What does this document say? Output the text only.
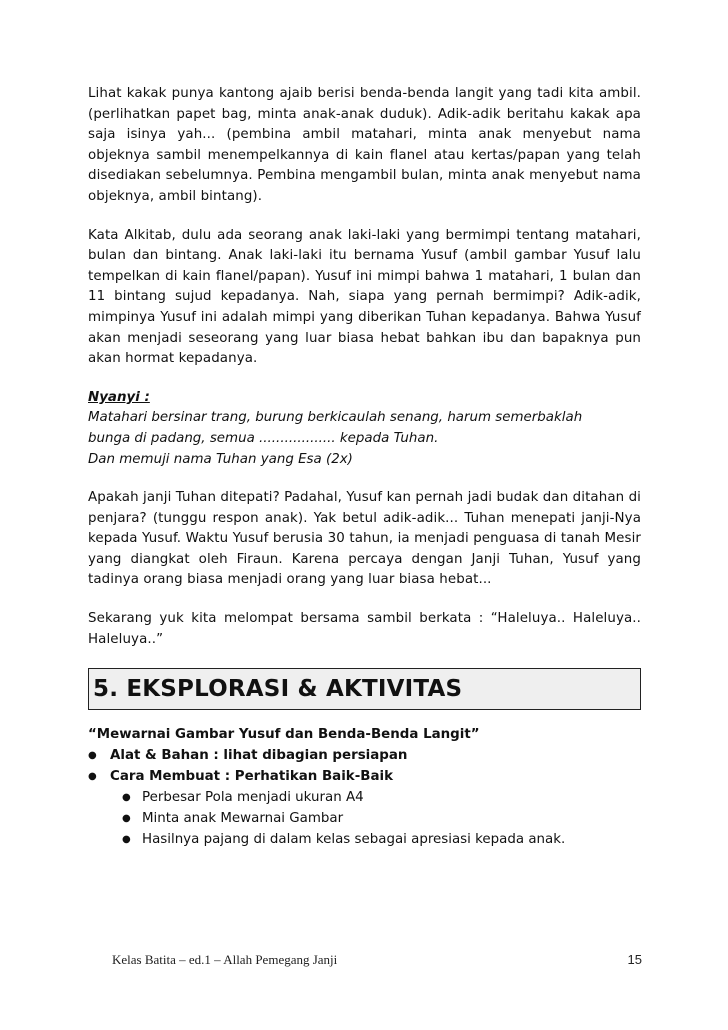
Lihat kakak punya kantong ajaib berisi benda-benda langit yang tadi kita ambil. (perlihatkan papet bag, minta anak-anak duduk). Adik-adik beritahu kakak apa saja isinya yah... (pembina ambil matahari, minta anak menyebut nama objeknya sambil menempelkannya di kain flanel atau kertas/papan yang telah disediakan sebelumnya. Pembina mengambil bulan, minta anak menyebut nama objeknya, ambil bintang).

Kata Alkitab, dulu ada seorang anak laki-laki yang bermimpi tentang matahari, bulan dan bintang. Anak laki-laki itu bernama Yusuf (ambil gambar Yusuf lalu tempelkan di kain flanel/papan). Yusuf ini mimpi bahwa 1 matahari, 1 bulan dan 11 bintang sujud kepadanya. Nah, siapa yang pernah bermimpi? Adik-adik, mimpinya Yusuf ini adalah mimpi yang diberikan Tuhan kepadanya. Bahwa Yusuf akan menjadi seseorang yang luar biasa hebat bahkan ibu dan bapaknya pun akan hormat kepadanya.

Nyanyi :
Matahari bersinar trang, burung berkicaulah senang, harum semerbaklah
bunga di padang, semua .................. kepada Tuhan.
Dan memuji nama Tuhan yang Esa (2x)

Apakah janji Tuhan ditepati? Padahal, Yusuf kan pernah jadi budak dan ditahan di penjara? (tunggu respon anak). Yak betul adik-adik... Tuhan menepati janji-Nya kepada Yusuf. Waktu Yusuf berusia 30 tahun, ia menjadi penguasa di tanah Mesir yang diangkat oleh Firaun. Karena percaya dengan Janji Tuhan, Yusuf yang tadinya orang biasa menjadi orang yang luar biasa hebat...

Sekarang yuk kita melompat bersama sambil berkata : “Haleluya.. Haleluya.. Haleluya..”

5. EKSPLORASI & AKTIVITAS

“Mewarnai Gambar Yusuf dan Benda-Benda Langit”

● Alat & Bahan : lihat dibagian persiapan
● Cara Membuat : Perhatikan Baik-Baik
● Perbesar Pola menjadi ukuran A4
● Minta anak Mewarnai Gambar
● Hasilnya pajang di dalam kelas sebagai apresiasi kepada anak.
Kelas Batita – ed.1 – Allah Pemegang Janji	15
